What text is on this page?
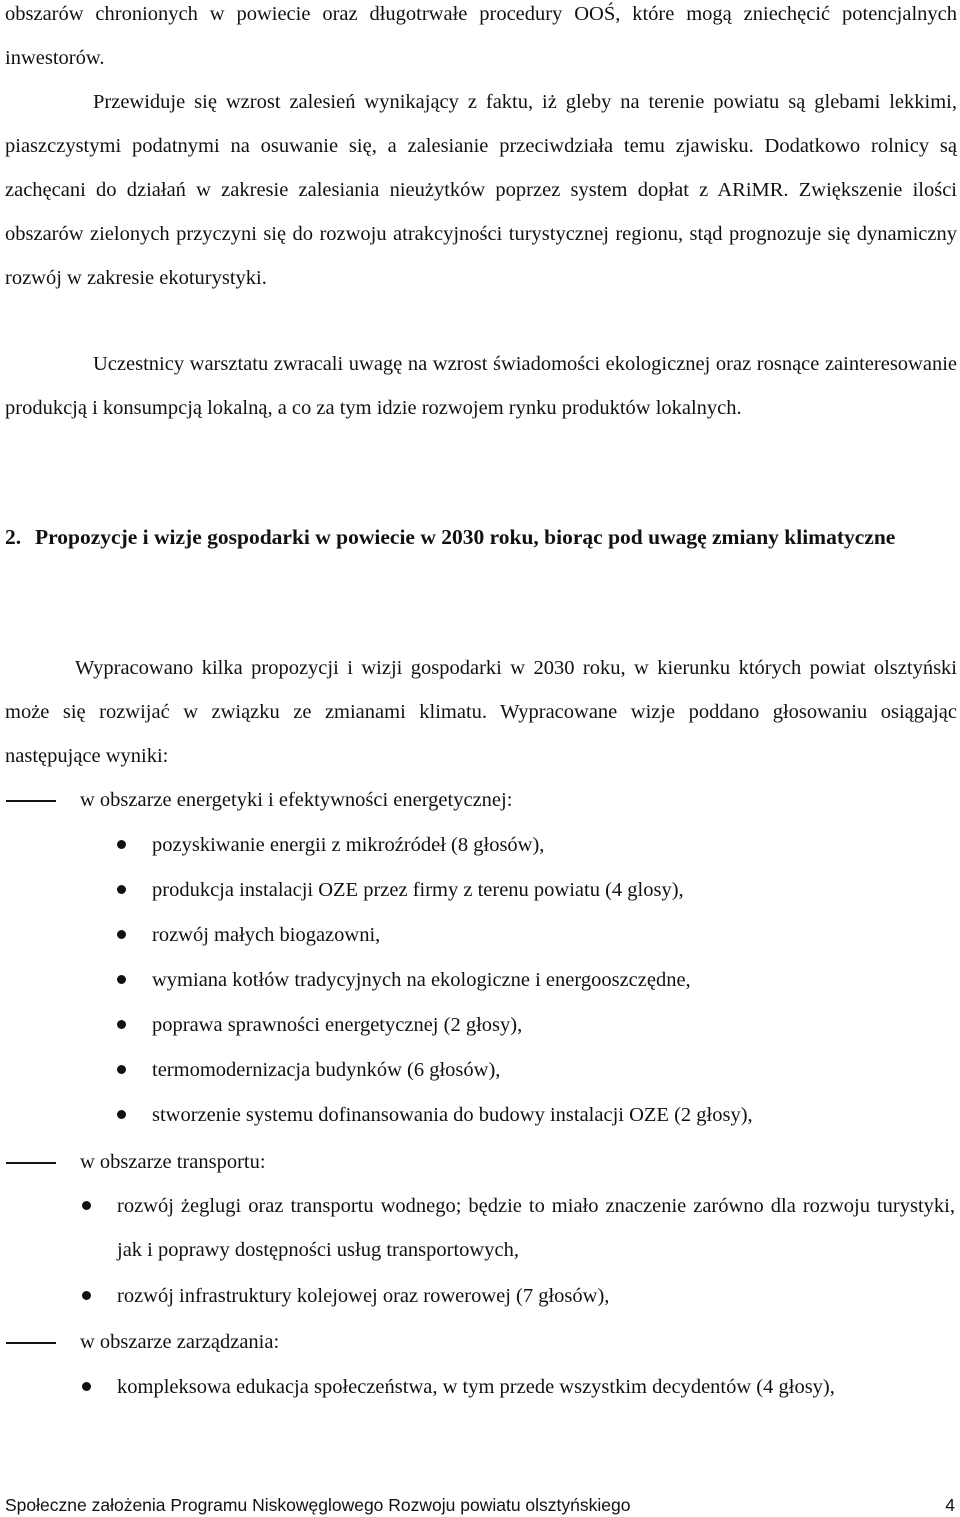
obszarów chronionych w powiecie oraz długotrwałe procedury OOŚ, które mogą zniechęcić potencjalnych inwestorów.

Przewiduje się wzrost zalesień wynikający z faktu, iż gleby na terenie powiatu są glebami lekkimi, piaszczystymi podatnymi na osuwanie się, a zalesianie przeciwdziała temu zjawisku. Dodatkowo rolnicy są zachęcani do działań w zakresie zalesiania nieużytków poprzez system dopłat z ARiMR. Zwiększenie ilości obszarów zielonych przyczyni się do rozwoju atrakcyjności turystycznej regionu, stąd prognozuje się dynamiczny rozwój w zakresie ekoturystyki.

Uczestnicy warsztatu zwracali uwagę na wzrost świadomości ekologicznej oraz rosnące zainteresowanie produkcją i konsumpcją lokalną, a co za tym idzie rozwojem rynku produktów lokalnych.

2. Propozycje i wizje gospodarki w powiecie w 2030 roku, biorąc pod uwagę zmiany klimatyczne

Wypracowano kilka propozycji i wizji gospodarki w 2030 roku, w kierunku których powiat olsztyński może się rozwijać w związku ze zmianami klimatu. Wypracowane wizje poddano głosowaniu osiągając następujące wyniki:

w obszarze energetyki i efektywności energetycznej:
pozyskiwanie energii z mikroźródeł (8 głosów),
produkcja instalacji OZE przez firmy z terenu powiatu (4 glosy),
rozwój małych biogazowni,
wymiana kotłów tradycyjnych na ekologiczne i energooszczędne,
poprawa sprawności energetycznej (2 głosy),
termomodernizacja budynków (6 głosów),
stworzenie systemu dofinansowania do budowy instalacji OZE (2 głosy),
w obszarze transportu:
rozwój żeglugi oraz transportu wodnego; będzie to miało znaczenie zarówno dla rozwoju turystyki, jak i poprawy dostępności usług transportowych,
rozwój infrastruktury kolejowej oraz rowerowej (7 głosów),
w obszarze zarządzania:
kompleksowa edukacja społeczeństwa, w tym przede wszystkim decydentów (4 głosy),
Społeczne założenia Programu Niskowęglowego Rozwoju powiatu olsztyńskiego	4
